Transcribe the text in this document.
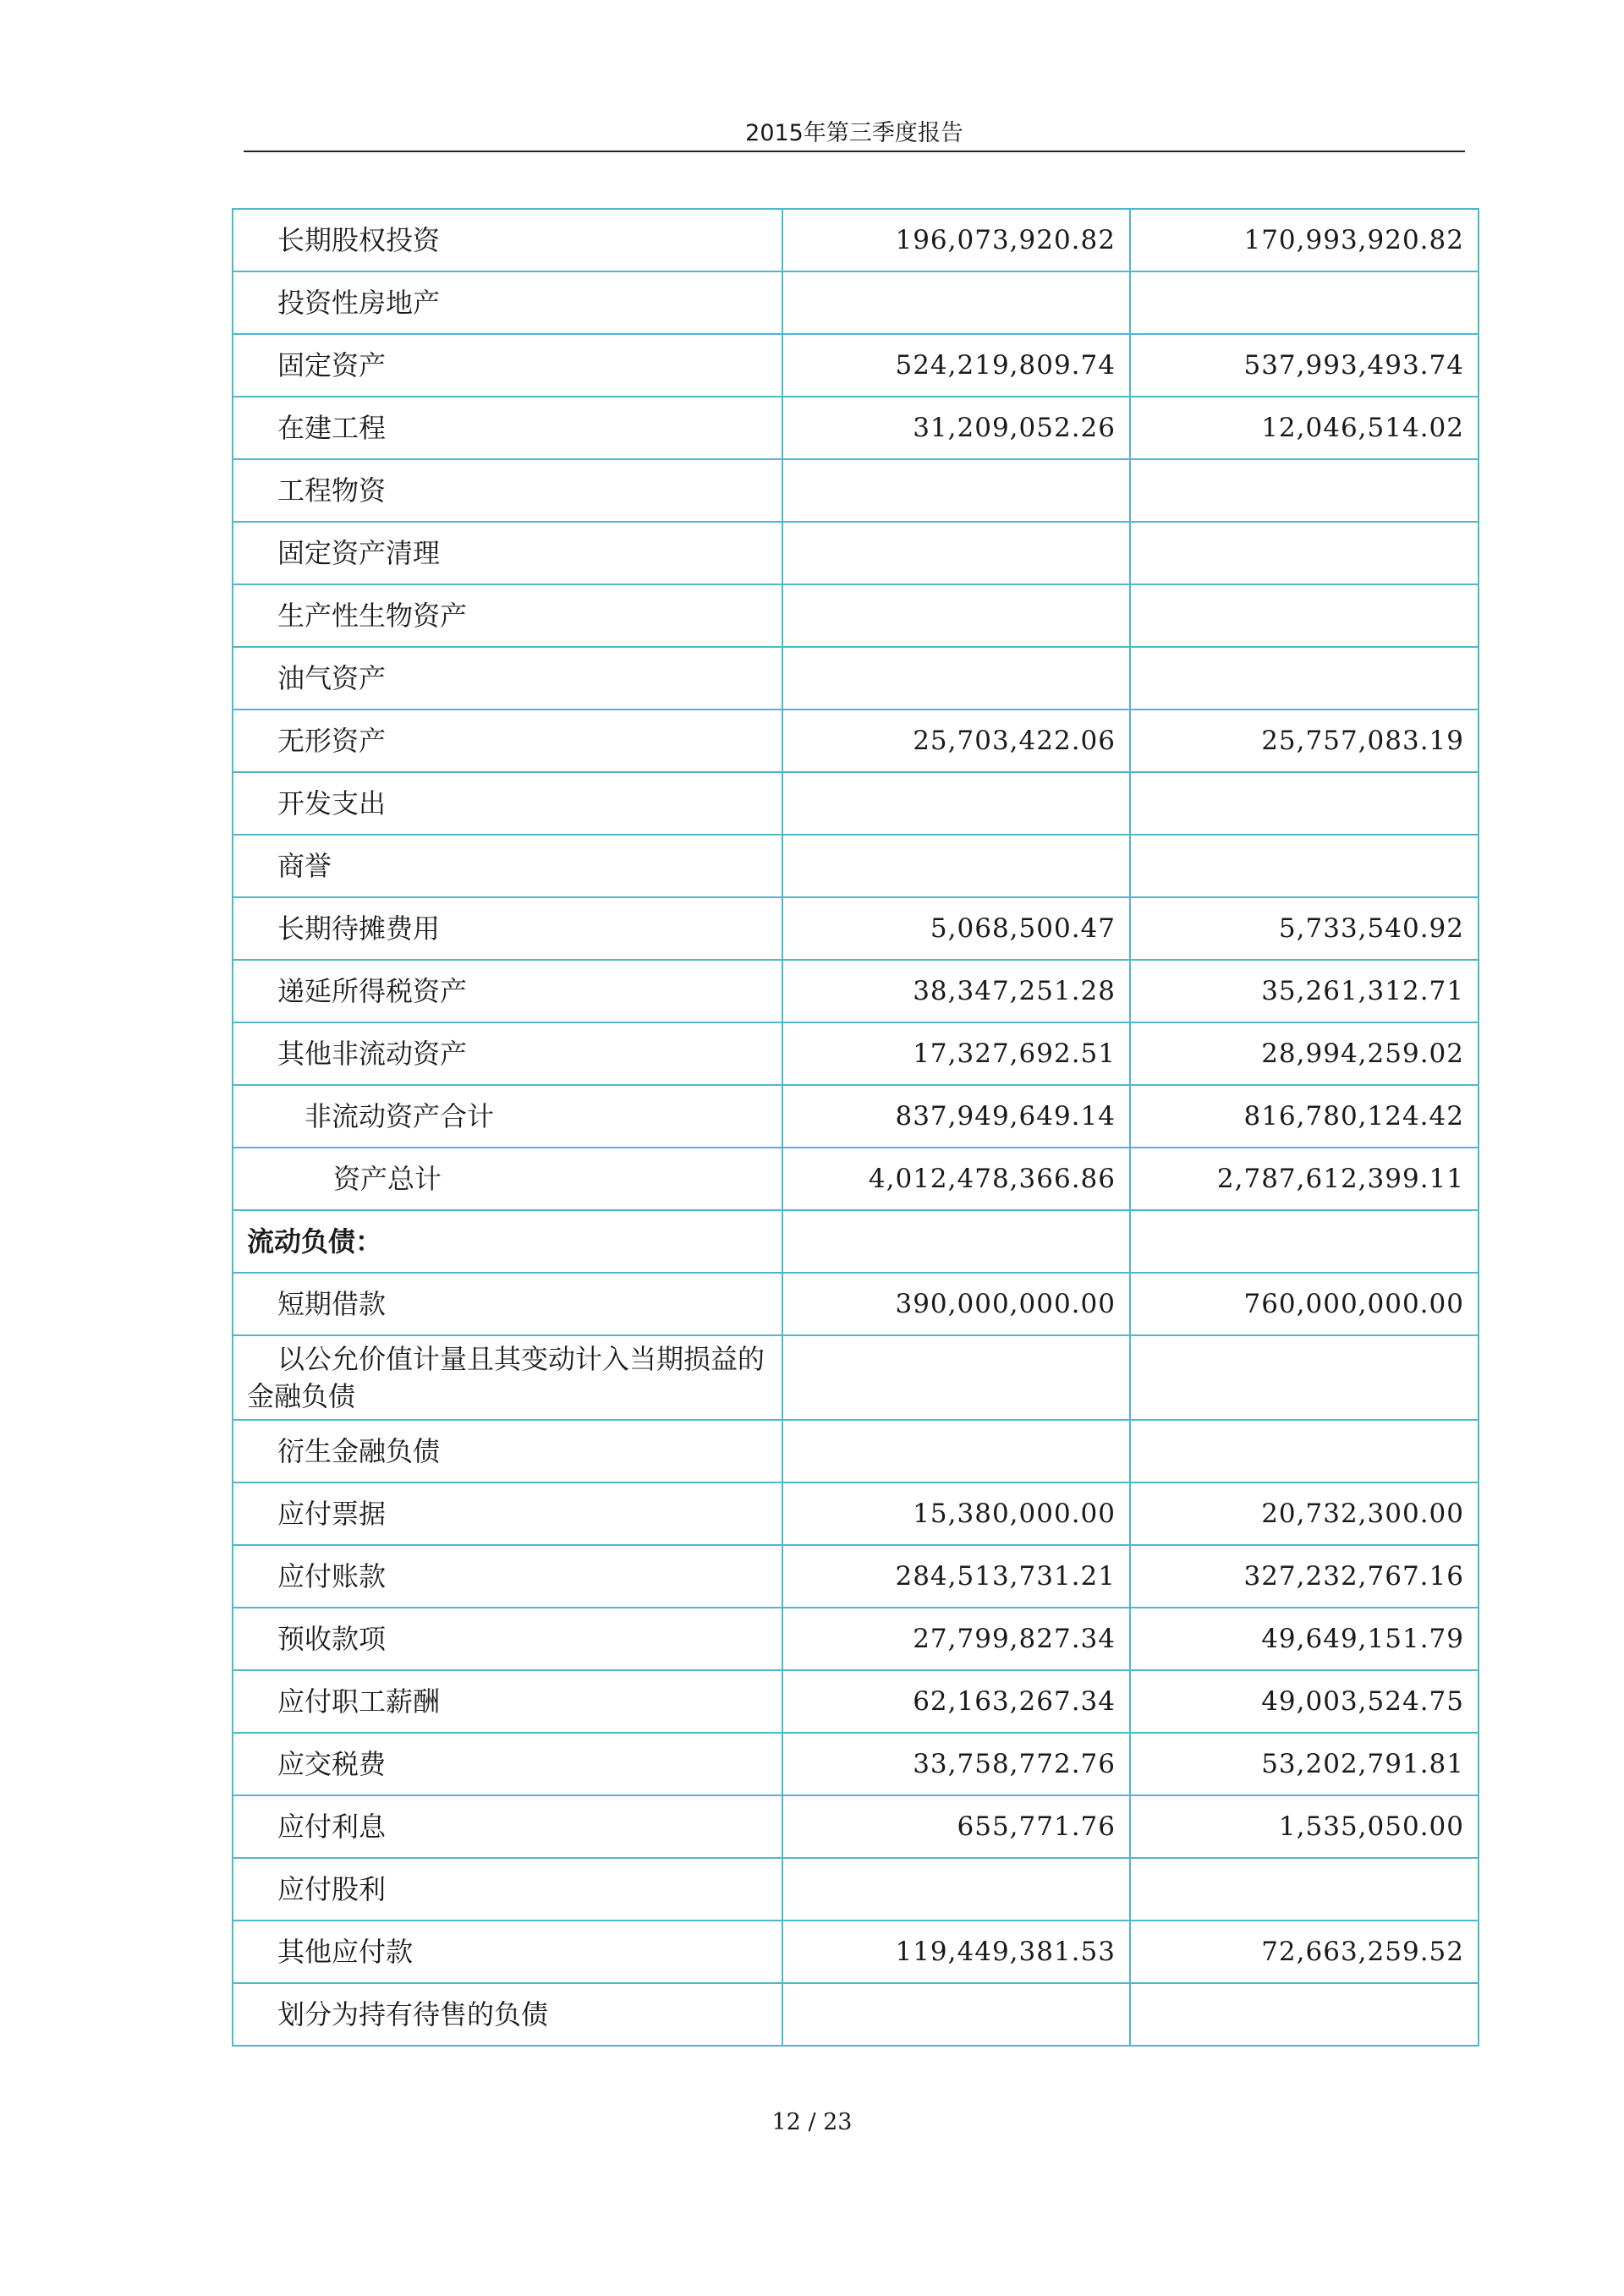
2015年第三季度报告
长期股权投资	196,073,920.82	170,993,920.82
投资性房地产		
固定资产	524,219,809.74	537,993,493.74
在建工程	31,209,052.26	12,046,514.02
工程物资		
固定资产清理		
生产性生物资产		
油气资产		
无形资产	25,703,422.06	25,757,083.19
开发支出		
商誉		
长期待摊费用	5,068,500.47	5,733,540.92
递延所得税资产	38,347,251.28	35,261,312.71
其他非流动资产	17,327,692.51	28,994,259.02
非流动资产合计	837,949,649.14	816,780,124.42
资产总计	4,012,478,366.86	2,787,612,399.11
流动负债：		
短期借款	390,000,000.00	760,000,000.00
以公允价值计量且其变动计入当期损益的金融负债		
衍生金融负债		
应付票据	15,380,000.00	20,732,300.00
应付账款	284,513,731.21	327,232,767.16
预收款项	27,799,827.34	49,649,151.79
应付职工薪酬	62,163,267.34	49,003,524.75
应交税费	33,758,772.76	53,202,791.81
应付利息	655,771.76	1,535,050.00
应付股利		
其他应付款	119,449,381.53	72,663,259.52
划分为持有待售的负债		
12 / 23
